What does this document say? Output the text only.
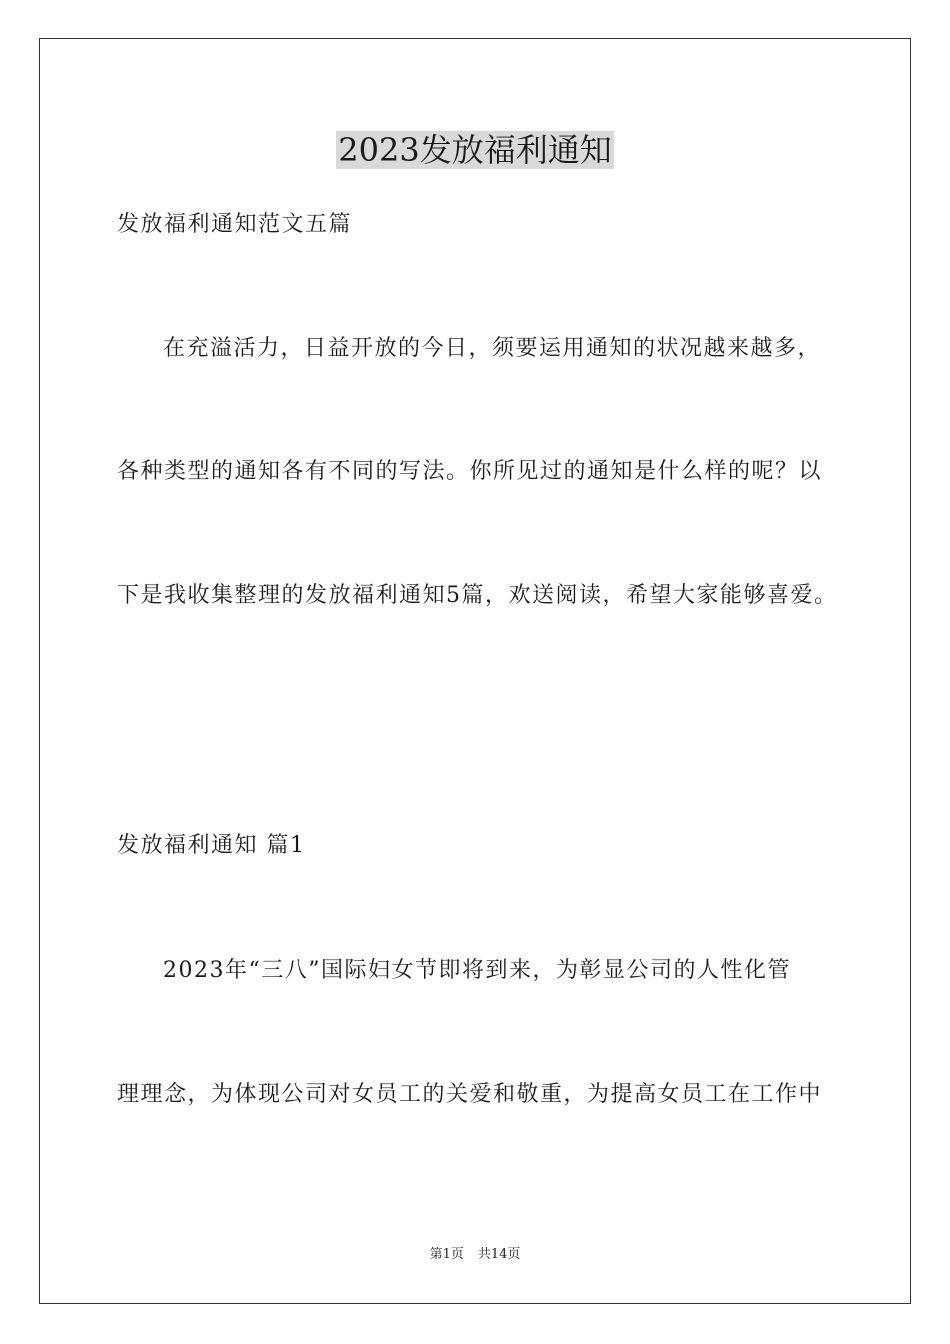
2023发放福利通知

发放福利通知范文五篇

在充溢活力，日益开放的今日，须要运用通知的状况越来越多，

各种类型的通知各有不同的写法。你所见过的通知是什么样的呢？以

下是我收集整理的发放福利通知5篇，欢送阅读，希望大家能够喜爱。

发放福利通知 篇1

2023年“三八”国际妇女节即将到来，为彰显公司的人性化管

理理念，为体现公司对女员工的关爱和敬重，为提高女员工在工作中

第1页 共14页
